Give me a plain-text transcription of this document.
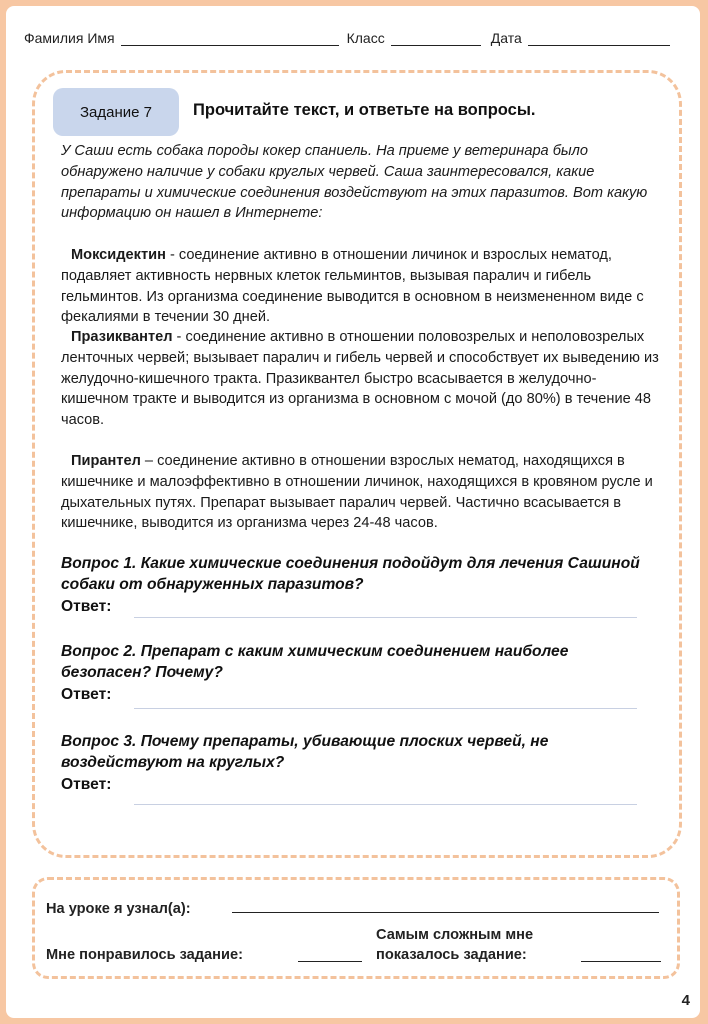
Фамилия Имя	Класс	Дата
Задание 7	Прочитайте текст, и ответьте на вопросы.
У Саши есть собака породы кокер спаниель. На приеме у ветеринара было обнаружено наличие у собаки круглых червей. Саша заинтересовался, какие препараты и химические соединения воздействуют на этих паразитов. Вот какую информацию он нашел в Интернете:
Моксидектин - соединение активно в отношении личинок и взрослых нематод, подавляет активность нервных клеток гельминтов, вызывая паралич и гибель гельминтов. Из организма соединение выводится в основном в неизмененном виде с фекалиями в течении 30 дней.
Празиквантел - соединение активно в отношении половозрелых и неполовозрелых ленточных червей; вызывает паралич и гибель червей и способствует их выведению из желудочно-кишечного тракта. Празиквантел быстро всасывается в желудочно-кишечном тракте и выводится из организма в основном с мочой (до 80%) в течение 48 часов.
Пирантел – соединение активно в отношении взрослых нематод, находящихся в кишечнике и малоэффективно в отношении личинок, находящихся в кровяном русле и дыхательных путях. Препарат вызывает паралич червей. Частично всасывается в кишечнике, выводится из организма через 24-48 часов.
Вопрос 1. Какие химические соединения подойдут для лечения Сашиной собаки от обнаруженных паразитов?
Ответ:
Вопрос 2. Препарат с каким химическим соединением наиболее безопасен? Почему?
Ответ:
Вопрос 3. Почему препараты, убивающие плоских червей, не воздействуют на круглых?
Ответ:
На уроке я узнал(а):
Мне понравилось задание:
Самым сложным мне показалось задание:
4
